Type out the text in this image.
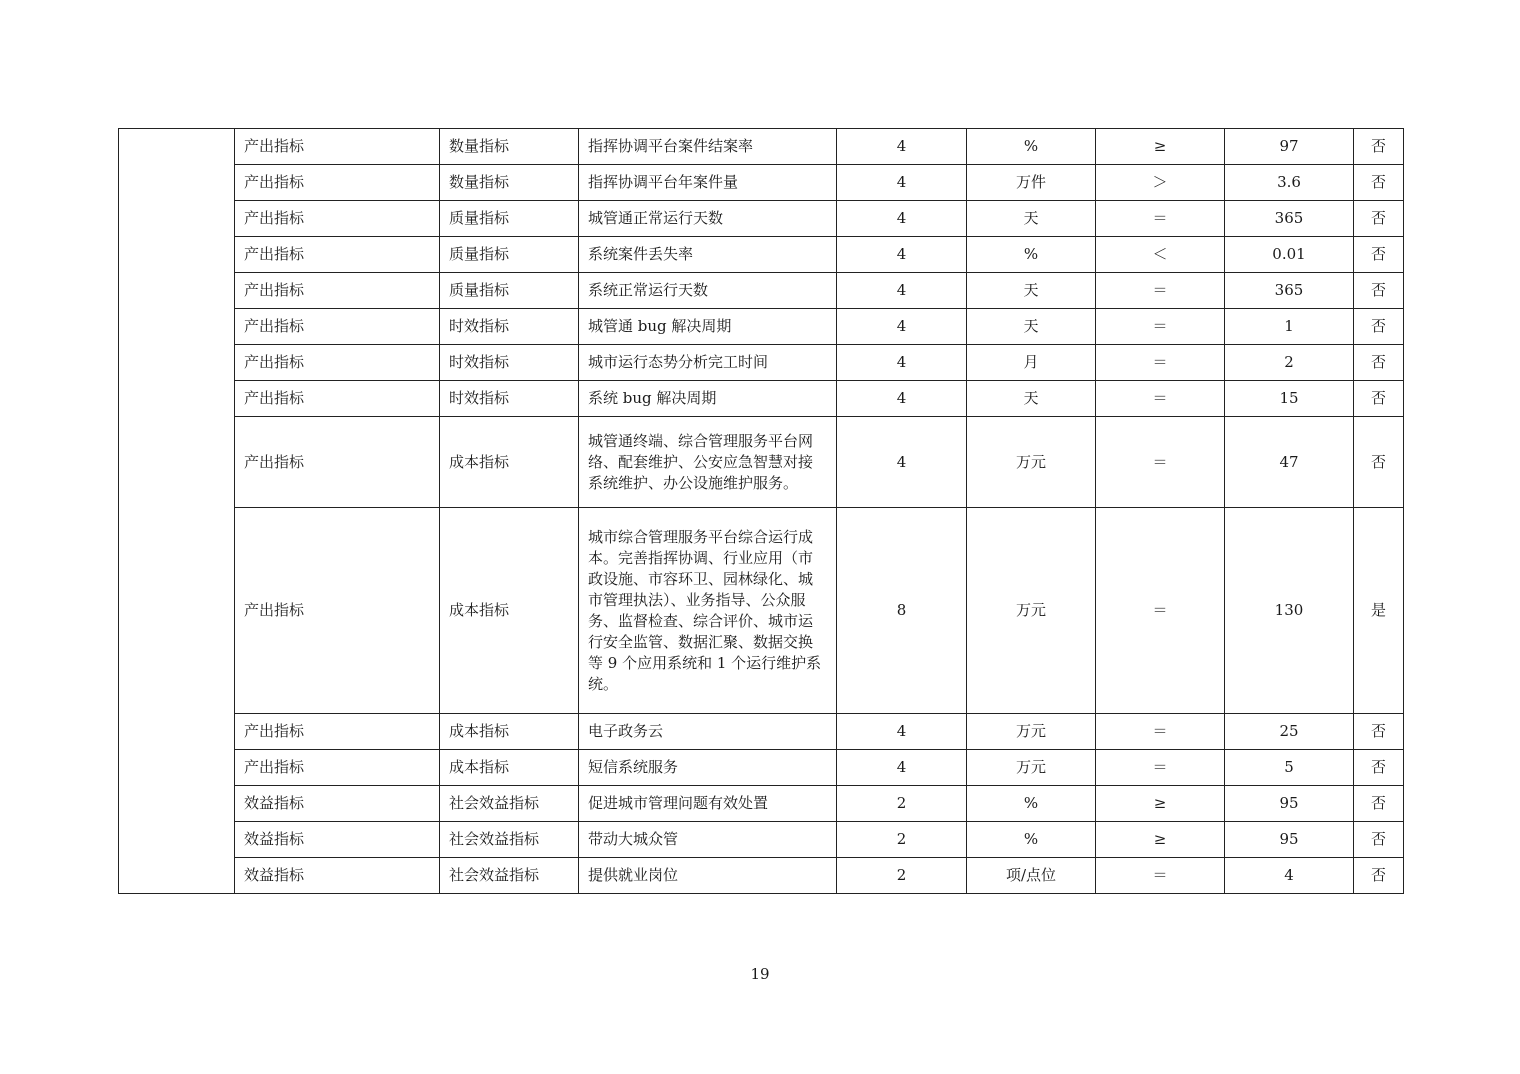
	产出指标	数量指标	指挥协调平台案件结案率	4	%	≥	97	否
	产出指标	数量指标	指挥协调平台年案件量	4	万件	＞	3.6	否
	产出指标	质量指标	城管通正常运行天数	4	天	＝	365	否
	产出指标	质量指标	系统案件丢失率	4	%	＜	0.01	否
	产出指标	质量指标	系统正常运行天数	4	天	＝	365	否
	产出指标	时效指标	城管通 bug 解决周期	4	天	＝	1	否
	产出指标	时效指标	城市运行态势分析完工时间	4	月	＝	2	否
	产出指标	时效指标	系统 bug 解决周期	4	天	＝	15	否
	产出指标	成本指标	城管通终端、综合管理服务平台网络、配套维护、公安应急智慧对接系统维护、办公设施维护服务。	4	万元	＝	47	否
	产出指标	成本指标	城市综合管理服务平台综合运行成本。完善指挥协调、行业应用（市政设施、市容环卫、园林绿化、城市管理执法）、业务指导、公众服务、监督检查、综合评价、城市运行安全监管、数据汇聚、数据交换等 9 个应用系统和 1 个运行维护系统。	8	万元	＝	130	是
	产出指标	成本指标	电子政务云	4	万元	＝	25	否
	产出指标	成本指标	短信系统服务	4	万元	＝	5	否
	效益指标	社会效益指标	促进城市管理问题有效处置	2	%	≥	95	否
	效益指标	社会效益指标	带动大城众管	2	%	≥	95	否
	效益指标	社会效益指标	提供就业岗位	2	项/点位	＝	4	否
19
